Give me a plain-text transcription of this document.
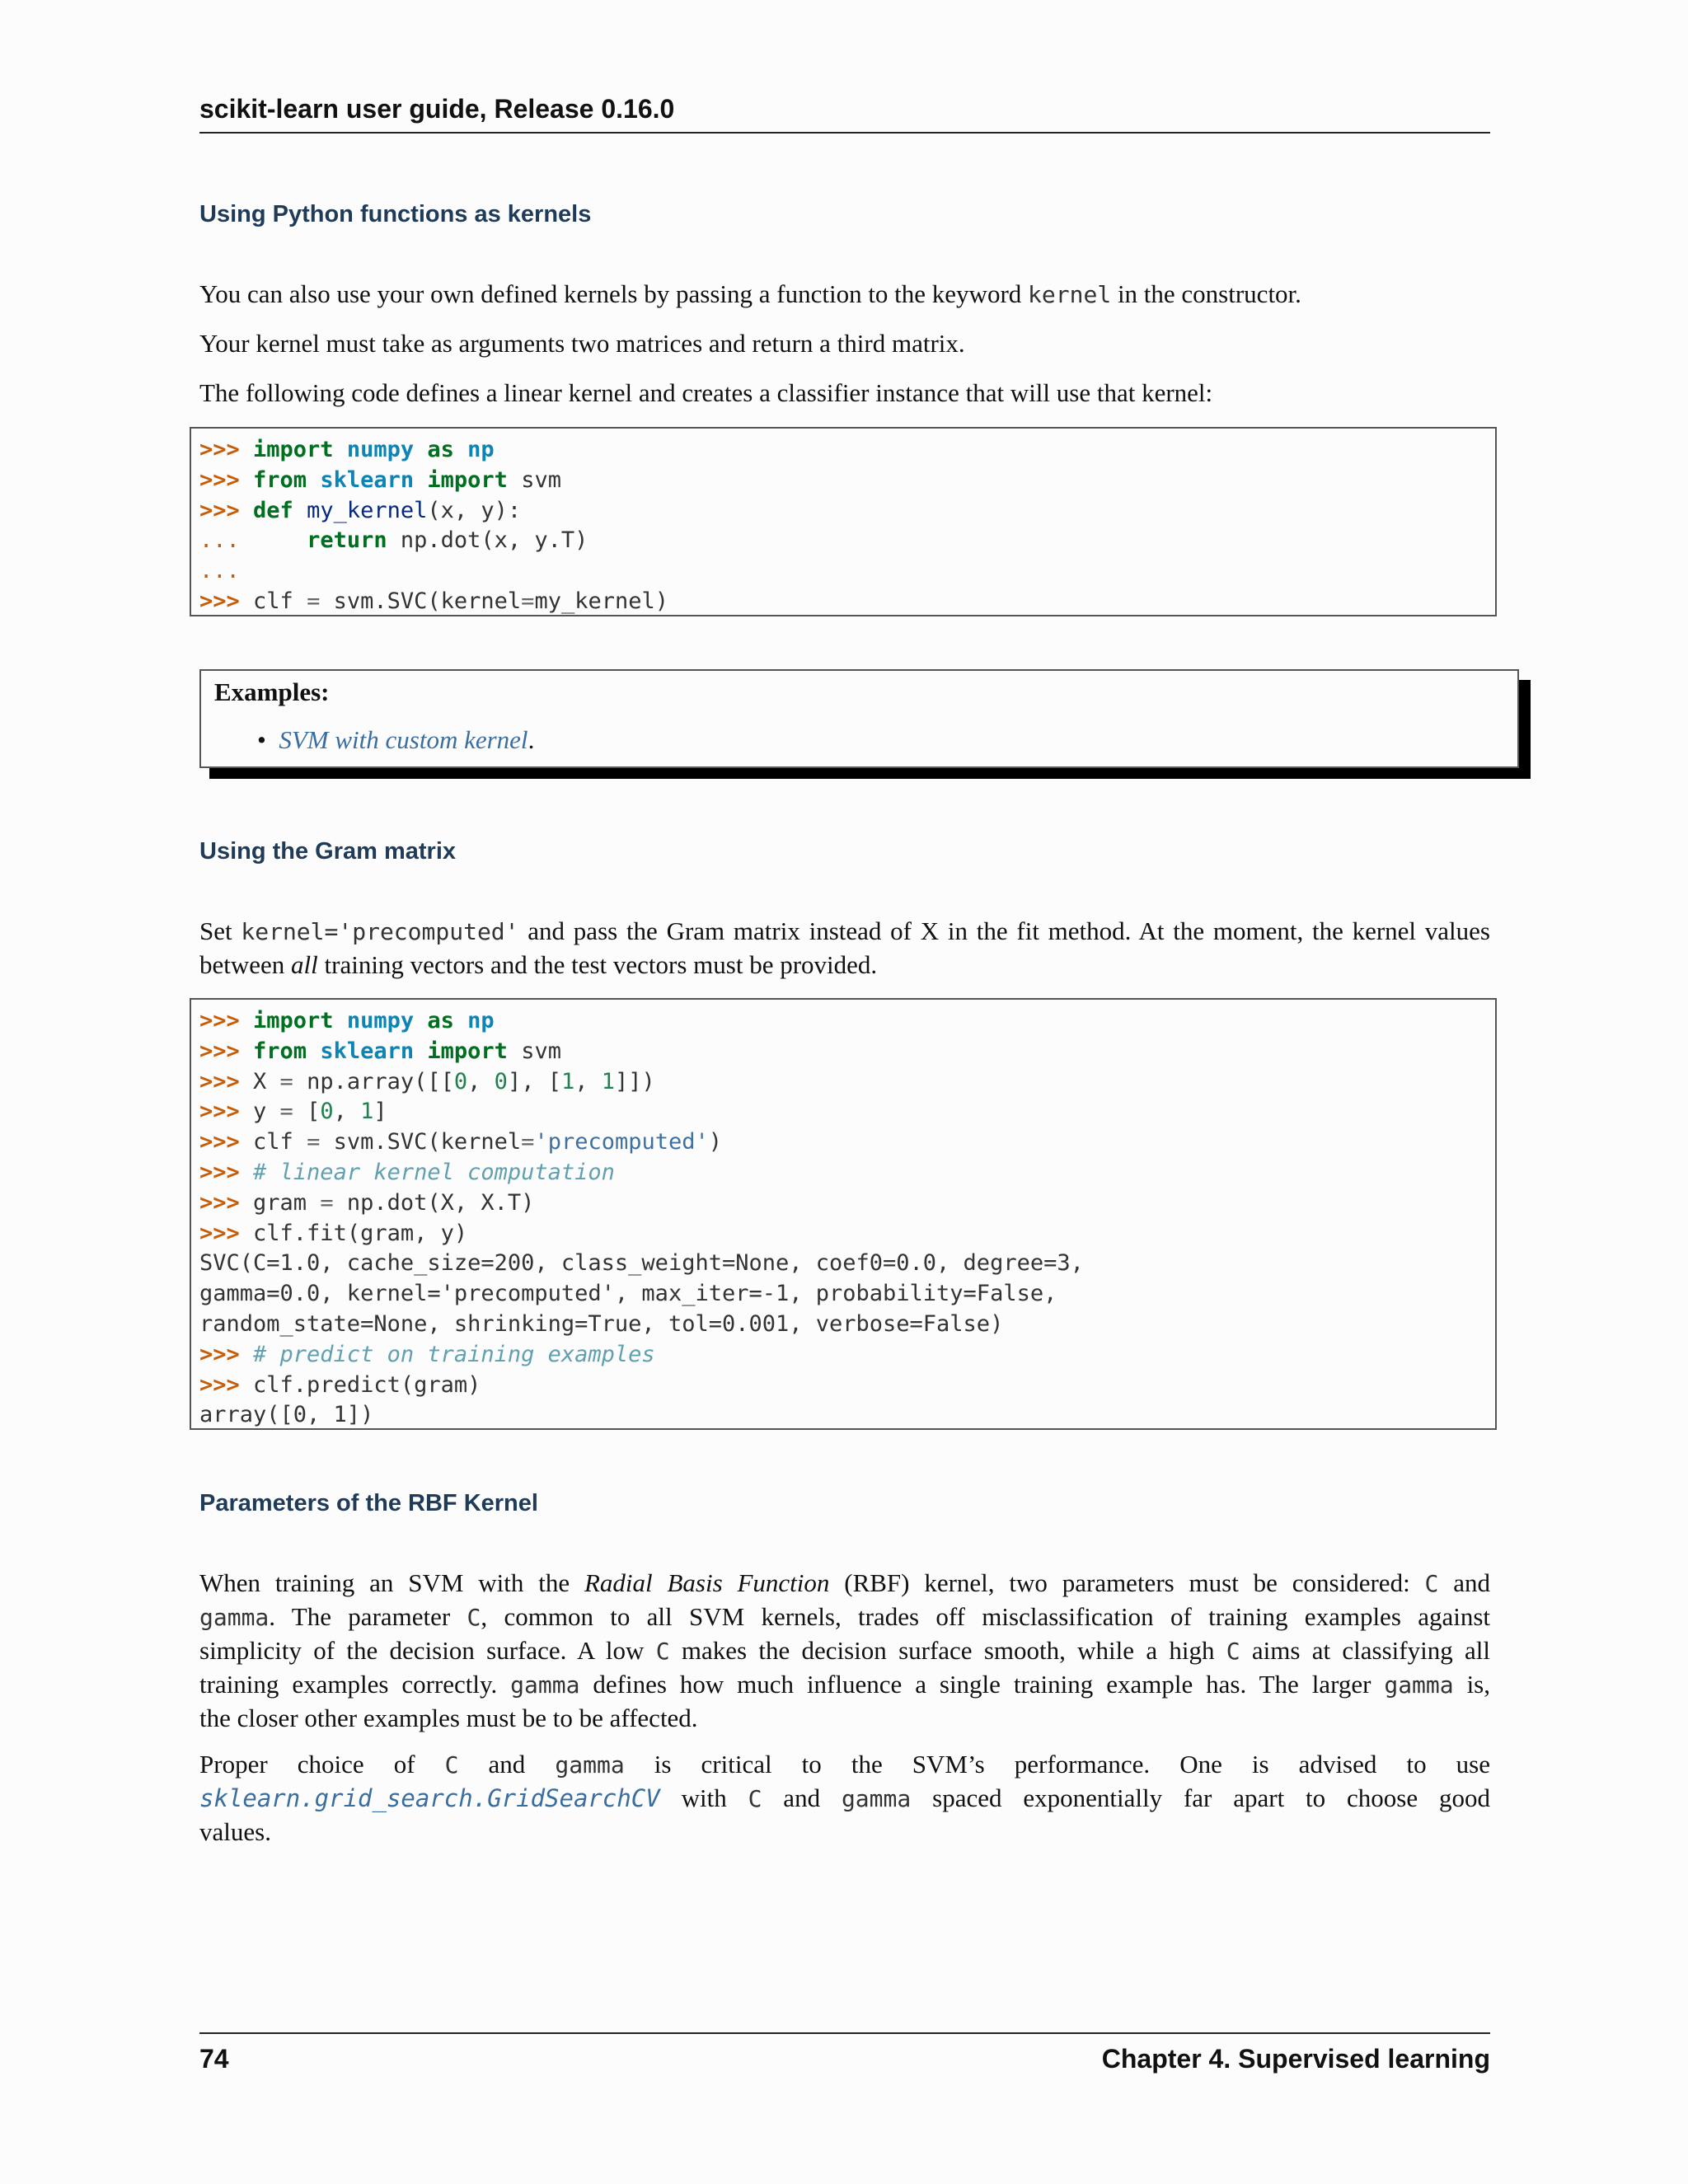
scikit-learn user guide, Release 0.16.0
Using Python functions as kernels

You can also use your own defined kernels by passing a function to the keyword kernel in the constructor.

Your kernel must take as arguments two matrices and return a third matrix.

The following code defines a linear kernel and creates a classifier instance that will use that kernel:

>>> import numpy as np
>>> from sklearn import svm
>>> def my_kernel(x, y):
...     return np.dot(x, y.T)
...
>>> clf = svm.SVC(kernel=my_kernel)
Examples:
• SVM with custom kernel.
Using the Gram matrix

Set kernel='precomputed' and pass the Gram matrix instead of X in the fit method. At the moment, the kernel values between all training vectors and the test vectors must be provided.

>>> import numpy as np
>>> from sklearn import svm
>>> X = np.array([[0, 0], [1, 1]])
>>> y = [0, 1]
>>> clf = svm.SVC(kernel='precomputed')
>>> # linear kernel computation
>>> gram = np.dot(X, X.T)
>>> clf.fit(gram, y)
SVC(C=1.0, cache_size=200, class_weight=None, coef0=0.0, degree=3,
gamma=0.0, kernel='precomputed', max_iter=-1, probability=False,
random_state=None, shrinking=True, tol=0.001, verbose=False)
>>> # predict on training examples
>>> clf.predict(gram)
array([0, 1])
Parameters of the RBF Kernel
When training an SVM with the Radial Basis Function (RBF) kernel, two parameters must be considered: C and
gamma. The parameter C, common to all SVM kernels, trades off misclassification of training examples against
simplicity of the decision surface. A low C makes the decision surface smooth, while a high C aims at classifying all
training examples correctly. gamma defines how much influence a single training example has. The larger gamma is,
the closer other examples must be to be affected.
Proper choice of C and gamma is critical to the SVM’s performance. One is advised to use
sklearn.grid_search.GridSearchCV with C and gamma spaced exponentially far apart to choose good
values.
74	Chapter 4. Supervised learning
